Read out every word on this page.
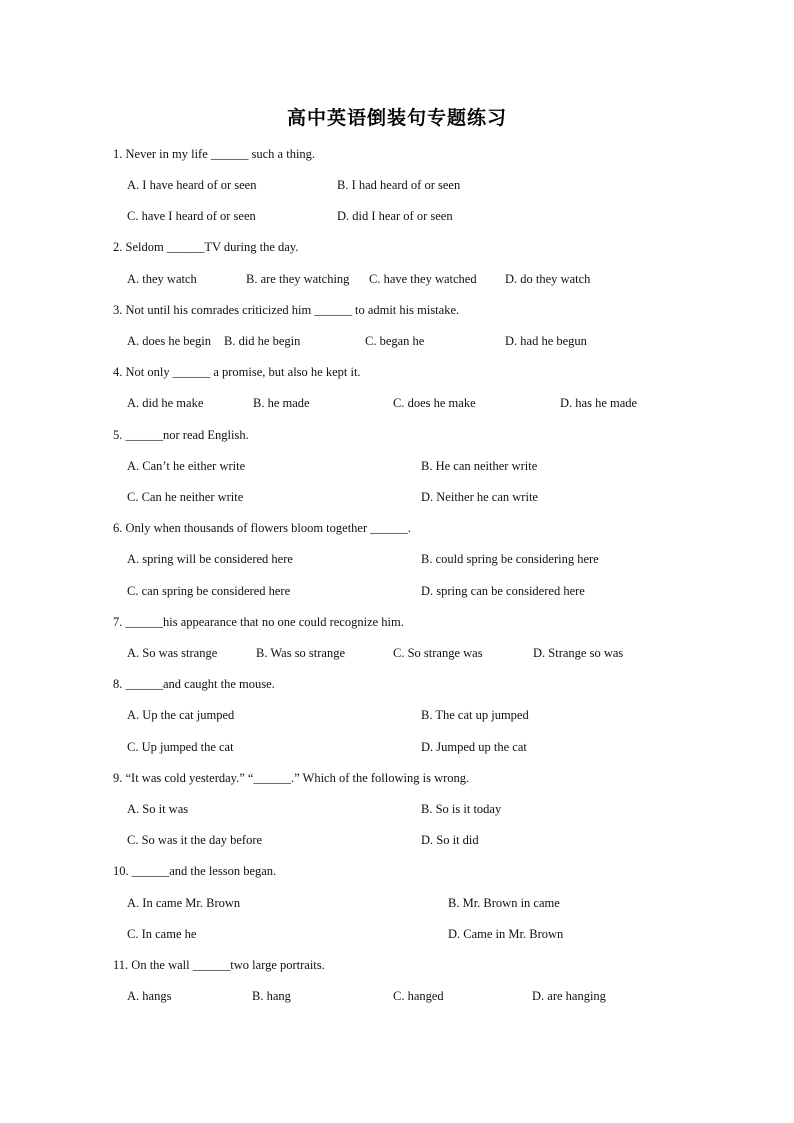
高中英语倒装句专题练习
1. Never in my life ______ such a thing.
A. I have heard of or seen	B. I had heard of or seen
C. have I heard of or seen	D. did I hear of or seen
2. Seldom ______TV during the day.
A. they watch	B. are they watching C. have they watched D. do they watch
3. Not until his comrades criticized him ______ to admit his mistake.
A. does he begin B. did he begin	C. began he	D. had he begun
4. Not only ______ a promise, but also he kept it.
A. did he make	B. he made	C. does he make	D. has he made
5. ______nor read English.
A. Can’t he either write	B. He can neither write
C. Can he neither write	D. Neither he can write
6. Only when thousands of flowers bloom together ______.
A. spring will be considered here	B. could spring be considering here
C. can spring be considered here	D. spring can be considered here
7. ______his appearance that no one could recognize him.
A. So was strange	B. Was so strange	C. So strange was	D. Strange so was
8. ______and caught the mouse.
A. Up the cat jumped	B. The cat up jumped
C. Up jumped the cat	D. Jumped up the cat
9. “It was cold yesterday.” “______.” Which of the following is wrong.
A. So it was	B. So is it today
C. So was it the day before	D. So it did
10. ______and the lesson began.
A. In came Mr. Brown	B. Mr. Brown in came
C. In came he	D. Came in Mr. Brown
11. On the wall ______two large portraits.
A. hangs	B. hang	C. hanged	D. are hanging
